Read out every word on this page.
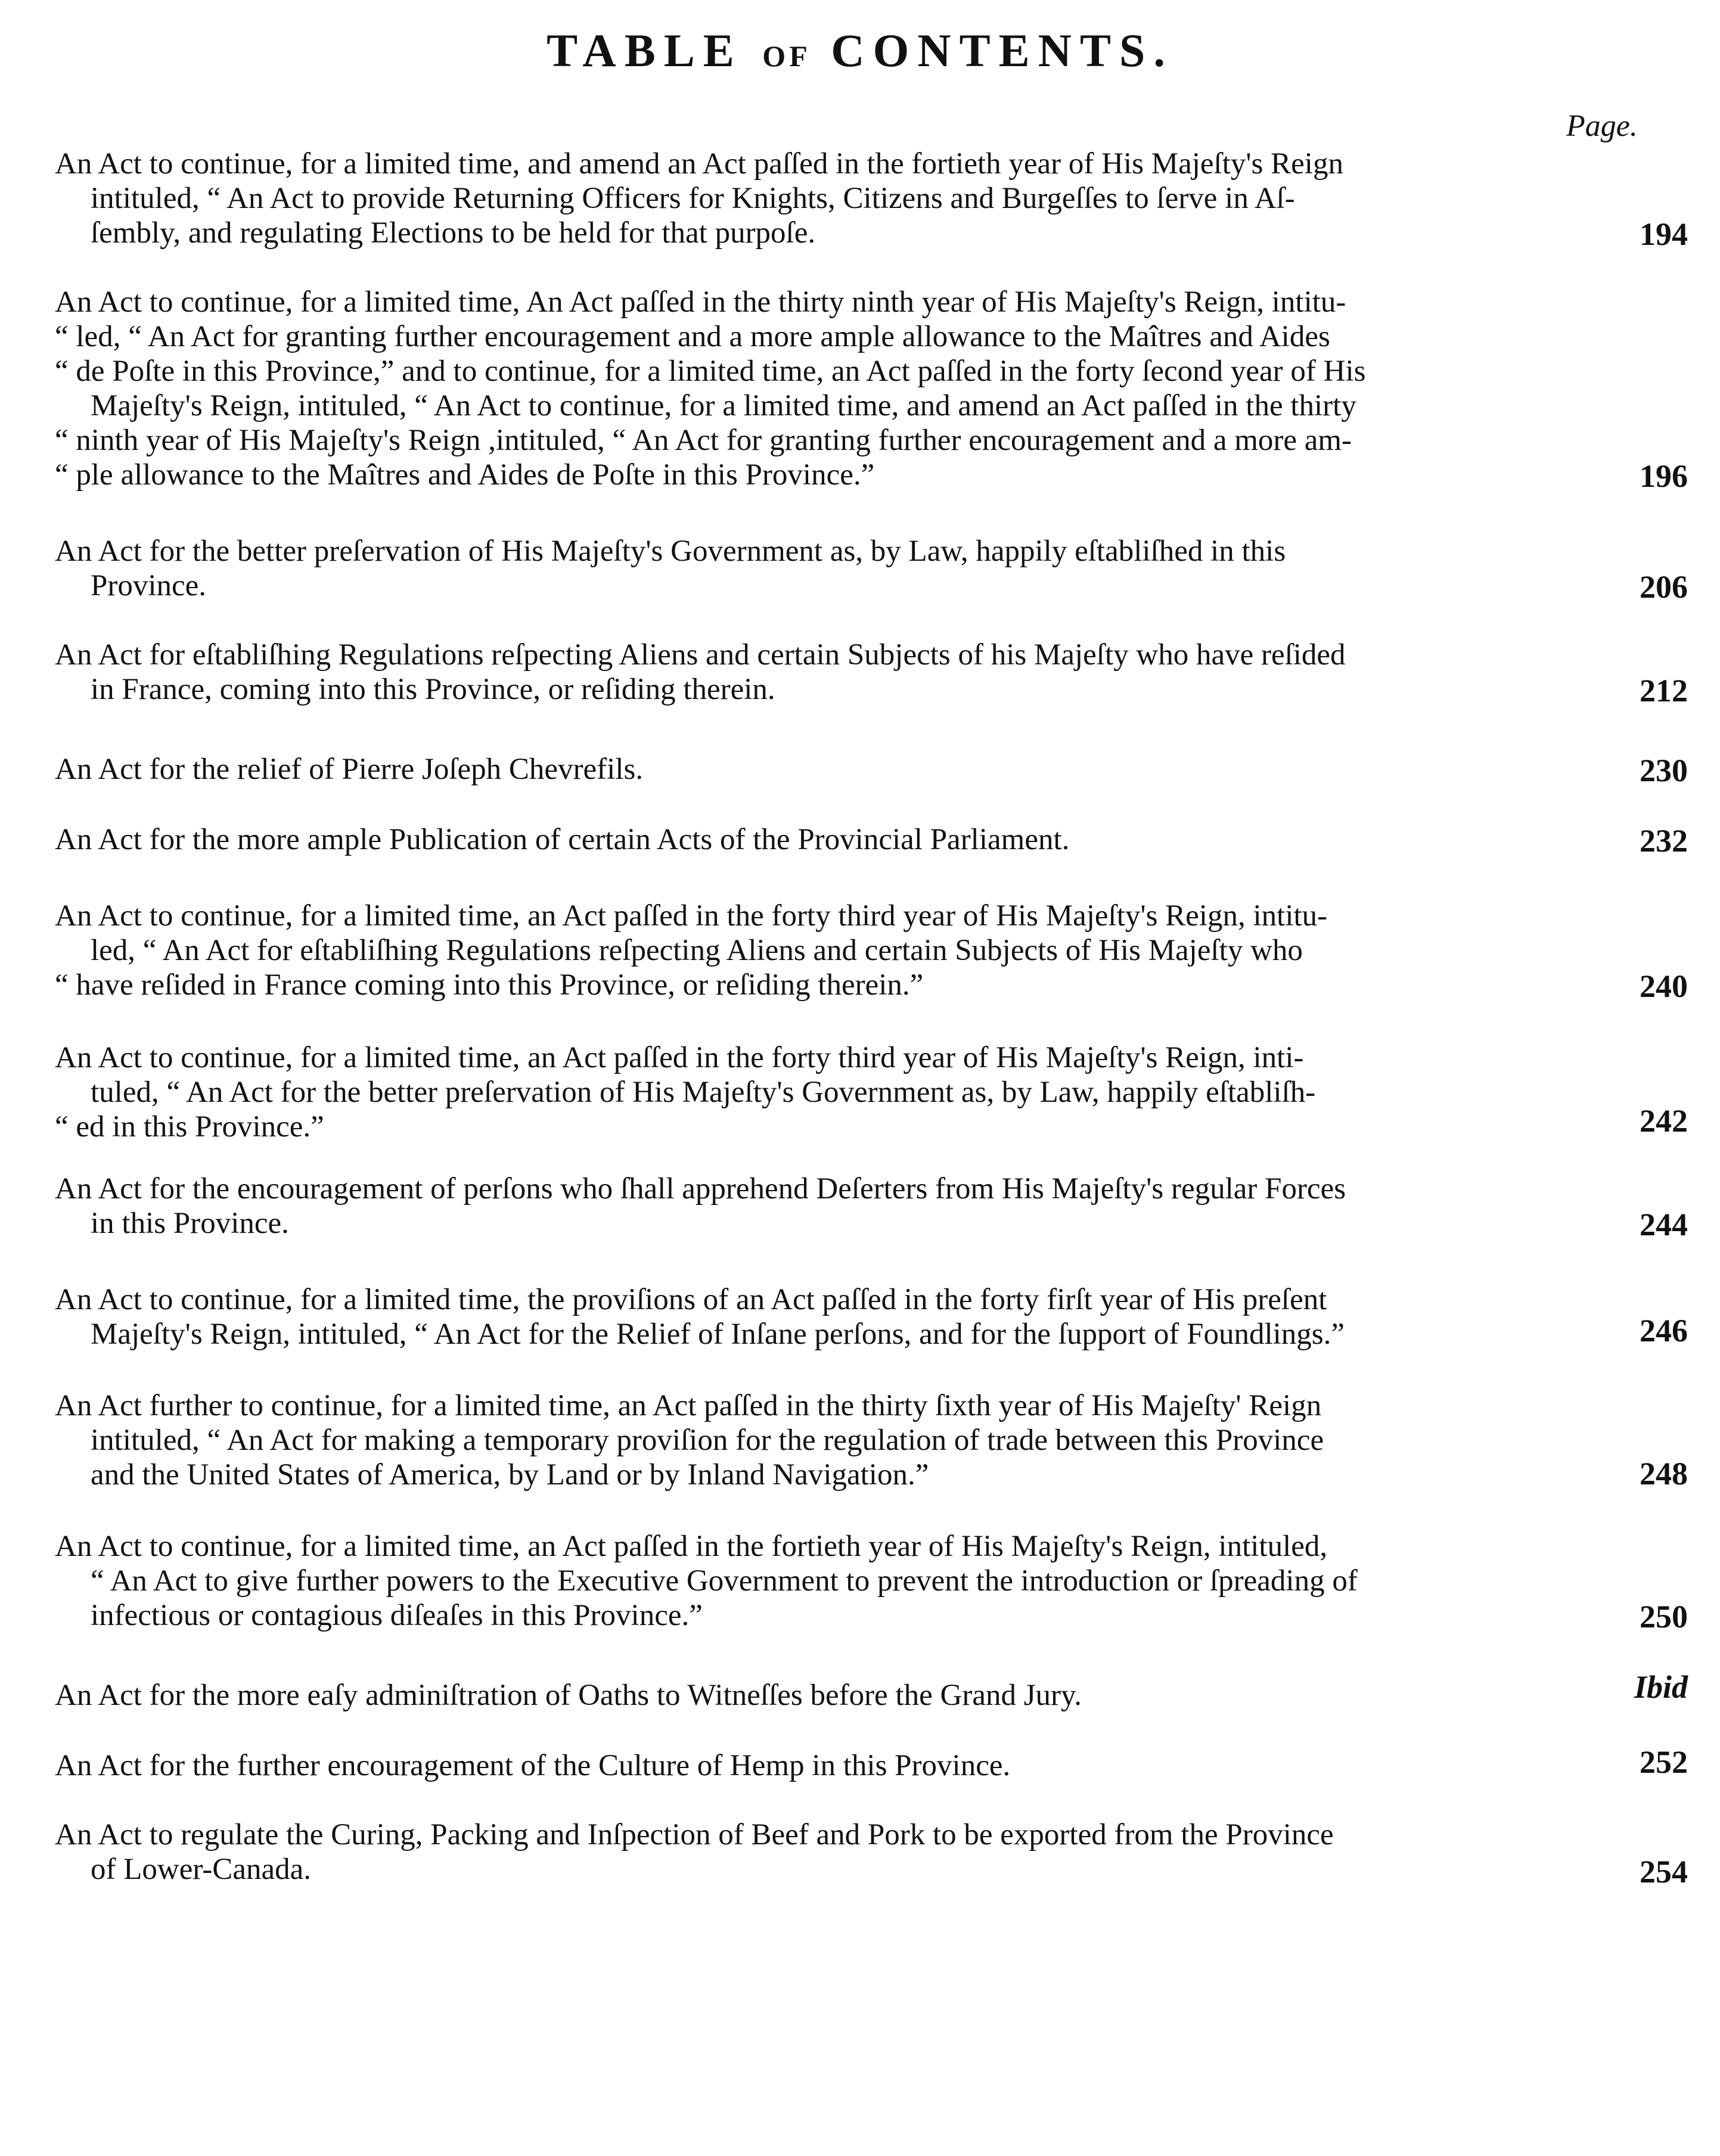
TABLE OF CONTENTS.
Page.
An Act to continue, for a limited time, and amend an Act paſſed in the fortieth year of His Majeſty's Reign
intituled, “ An Act to provide Returning Officers for Knights, Citizens and Burgeſſes to ſerve in Aſ-
ſembly, and regulating Elections to be held for that purpoſe.	194
An Act to continue, for a limited time, An Act paſſed in the thirty ninth year of His Majeſty's Reign, intitu-
“ led, “ An Act for granting further encouragement and a more ample allowance to the Maîtres and Aides
“ de Poſte in this Province,” and to continue, for a limited time, an Act paſſed in the forty ſecond year of His
Majeſty's Reign, intituled, “ An Act to continue, for a limited time, and amend an Act paſſed in the thirty
“ ninth year of His Majeſty's Reign ,intituled, “ An Act for granting further encouragement and a more am-
“ ple allowance to the Maîtres and Aides de Poſte in this Province.”	196
An Act for the better preſervation of His Majeſty's Government as, by Law, happily eſtabliſhed in this
Province.	206
An Act for eſtabliſhing Regulations reſpecting Aliens and certain Subjects of his Majeſty who have reſided
in France, coming into this Province, or reſiding therein.	212
An Act for the relief of Pierre Joſeph Chevrefils.	230
An Act for the more ample Publication of certain Acts of the Provincial Parliament.	232
An Act to continue, for a limited time, an Act paſſed in the forty third year of His Majeſty's Reign, intitu-
led, “ An Act for eſtabliſhing Regulations reſpecting Aliens and certain Subjects of His Majeſty who
“ have reſided in France coming into this Province, or reſiding therein.”	240
An Act to continue, for a limited time, an Act paſſed in the forty third year of His Majeſty's Reign, inti-
tuled, “ An Act for the better preſervation of His Majeſty's Government as, by Law, happily eſtabliſh-
“ ed in this Province.”	242
An Act for the encouragement of perſons who ſhall apprehend Deſerters from His Majeſty's regular Forces
in this Province.	244
An Act to continue, for a limited time, the proviſions of an Act paſſed in the forty firſt year of His preſent
Majeſty's Reign, intituled, “ An Act for the Relief of Inſane perſons, and for the ſupport of Foundlings.”	246
An Act further to continue, for a limited time, an Act paſſed in the thirty ſixth year of His Majeſty' Reign
intituled, “ An Act for making a temporary proviſion for the regulation of trade between this Province
and the United States of America, by Land or by Inland Navigation.”	248
An Act to continue, for a limited time, an Act paſſed in the fortieth year of His Majeſty's Reign, intituled,
“ An Act to give further powers to the Executive Government to prevent the introduction or ſpreading of
infectious or contagious diſeaſes in this Province.”	250
An Act for the more eaſy adminiſtration of Oaths to Witneſſes before the Grand Jury.	Ibid
An Act for the further encouragement of the Culture of Hemp in this Province.	252
An Act to regulate the Curing, Packing and Inſpection of Beef and Pork to be exported from the Province
of Lower-Canada.	254
